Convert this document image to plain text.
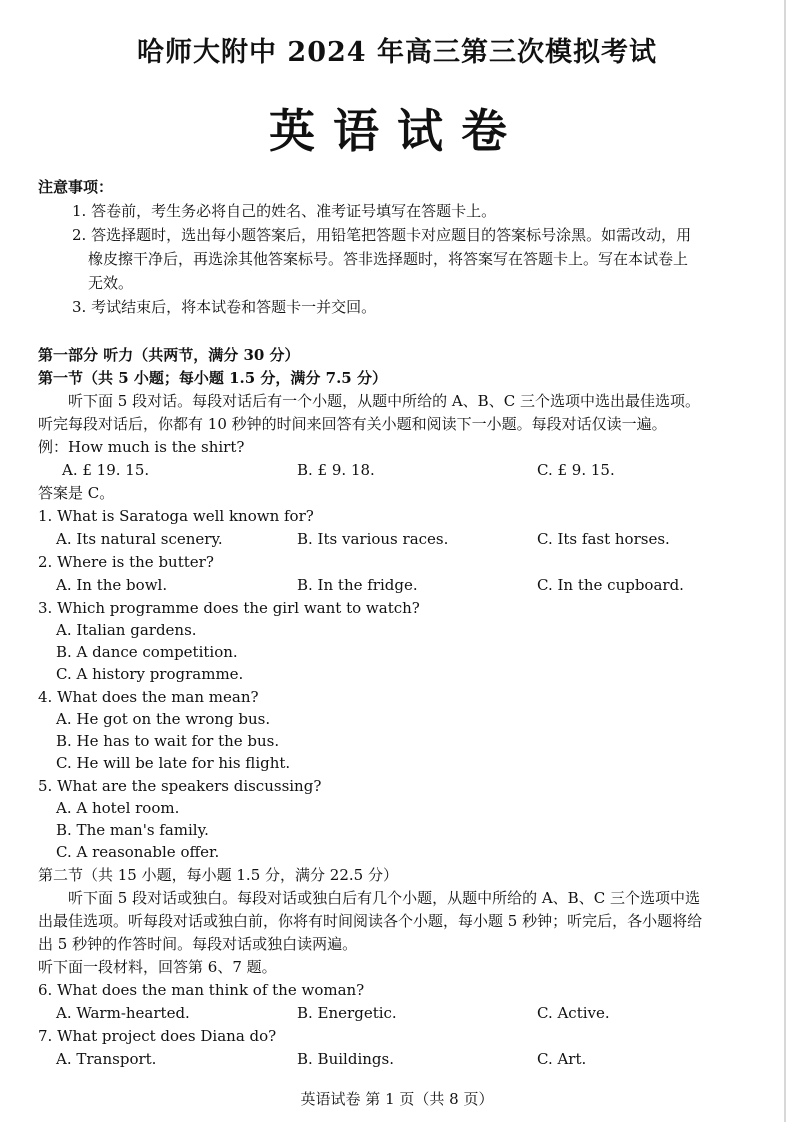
哈师大附中 2024 年高三第三次模拟考试
英语试卷
注意事项：
1. 答卷前，考生务必将自己的姓名、准考证号填写在答题卡上。
2. 答选择题时，选出每小题答案后，用铅笔把答题卡对应题目的答案标号涂黑。如需改动，用
橡皮擦干净后，再选涂其他答案标号。答非选择题时，将答案写在答题卡上。写在本试卷上
无效。
3. 考试结束后，将本试卷和答题卡一并交回。
第一部分 听力（共两节，满分 30 分）
第一节（共 5 小题；每小题 1.5 分，满分 7.5 分）
听下面 5 段对话。每段对话后有一个小题，从题中所给的 A、B、C 三个选项中选出最佳选项。
听完每段对话后，你都有 10 秒钟的时间来回答有关小题和阅读下一小题。每段对话仅读一遍。
例：How much is the shirt?
A. £ 19. 15.	B. £ 9. 18.	C. £ 9. 15.
答案是 C。
1. What is Saratoga well known for?
A. Its natural scenery.	B. Its various races.	C. Its fast horses.
2. Where is the butter?
A. In the bowl.	B. In the fridge.	C. In the cupboard.
3. Which programme does the girl want to watch?
A. Italian gardens.
B. A dance competition.
C. A history programme.
4. What does the man mean?
A. He got on the wrong bus.
B. He has to wait for the bus.
C. He will be late for his flight.
5. What are the speakers discussing?
A. A hotel room.
B. The man's family.
C. A reasonable offer.
第二节（共 15 小题，每小题 1.5 分，满分 22.5 分）
听下面 5 段对话或独白。每段对话或独白后有几个小题，从题中所给的 A、B、C 三个选项中选
出最佳选项。听每段对话或独白前，你将有时间阅读各个小题，每小题 5 秒钟；听完后，各小题将给
出 5 秒钟的作答时间。每段对话或独白读两遍。
听下面一段材料，回答第 6、7 题。
6. What does the man think of the woman?
A. Warm-hearted.	B. Energetic.	C. Active.
7. What project does Diana do?
A. Transport.	B. Buildings.	C. Art.
英语试卷 第 1 页（共 8 页）
